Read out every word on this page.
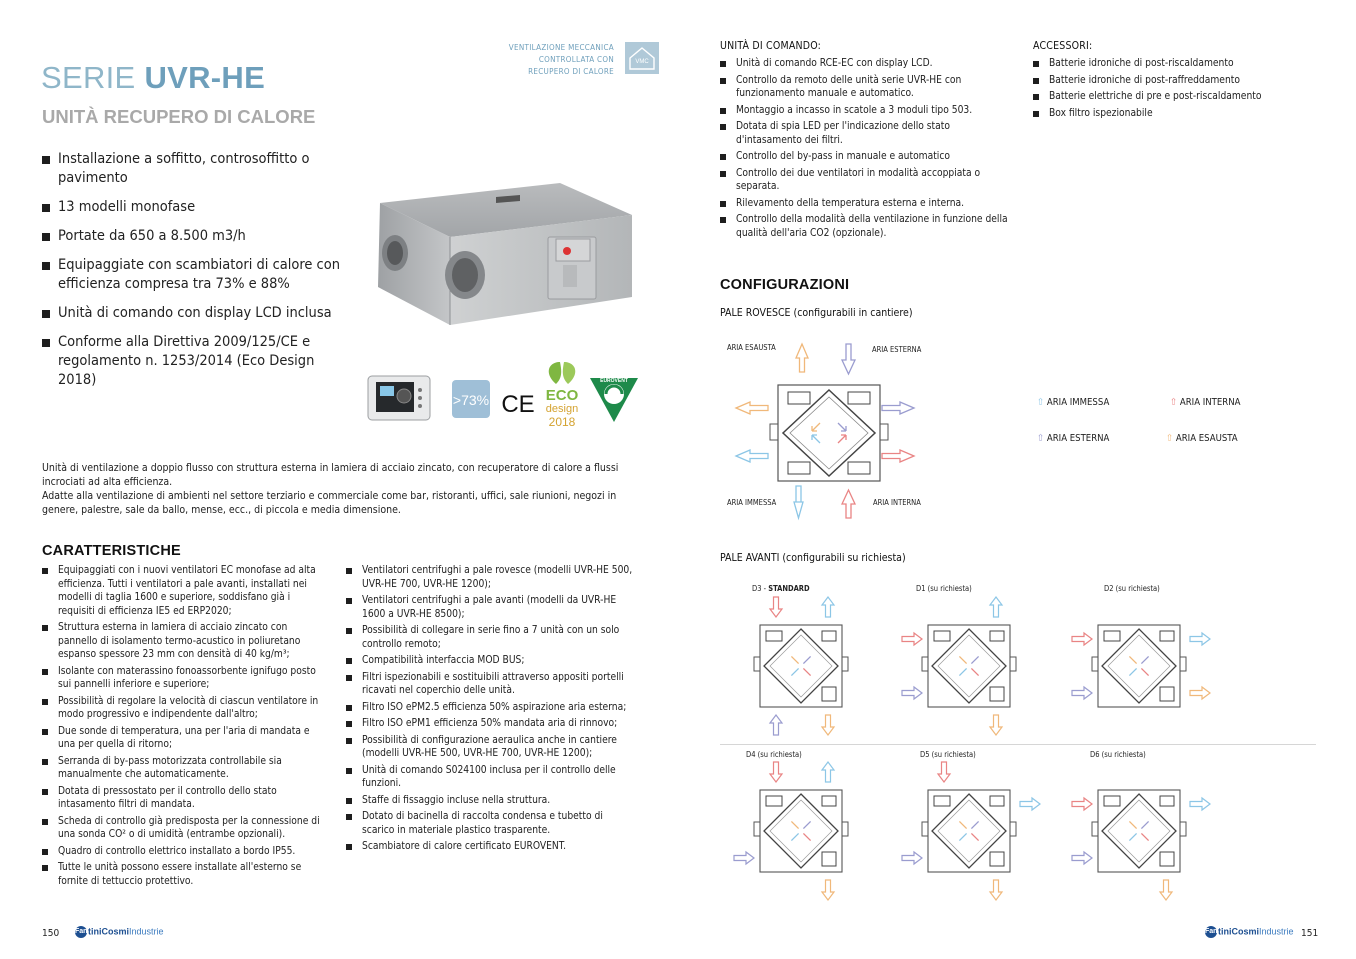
SERIE UVR-HE
UNITÀ RECUPERO DI CALORE
VENTILAZIONE MECCANICA
CONTROLLATA CON
RECUPERO DI CALORE
VMC
Installazione a soffitto, controsoffitto o pavimento
13 modelli monofase
Portate da 650 a 8.500 m3/h
Equipaggiate con scambiatori di calore con efficienza compresa tra 73% e 88%
Unità di comando con display LCD inclusa
Conforme alla Direttiva 2009/125/CE e regolamento n. 1253/2014 (Eco Design 2018)
>73% CE ECO
design
2018
EUROVENT

Unità di ventilazione a doppio flusso con struttura esterna in lamiera di acciaio zincato, con recuperatore di calore a flussi incrociati ad alta efficienza.

Adatte alla ventilazione di ambienti nel settore terziario e commerciale come bar, ristoranti, uffici, sale riunioni, negozi in genere, palestre, sale da ballo, mense, ecc., di piccola e media dimensione.

CARATTERISTICHE
Equipaggiati con i nuovi ventilatori EC monofase ad alta efficienza. Tutti i ventilatori a pale avanti, installati nei modelli di taglia 1600 e superiore, soddisfano già i requisiti di efficienza IE5 ed ERP2020;
Struttura esterna in lamiera di acciaio zincato con pannello di isolamento termo-acustico in poliuretano espanso spessore 23 mm con densità di 40 kg/m³;
Isolante con materassino fonoassorbente ignifugo posto sui pannelli inferiore e superiore;
Possibilità di regolare la velocità di ciascun ventilatore in modo progressivo e indipendente dall'altro;
Due sonde di temperatura, una per l'aria di mandata e una per quella di ritorno;
Serranda di by-pass motorizzata controllabile sia manualmente che automaticamente.
Dotata di pressostato per il controllo dello stato intasamento filtri di mandata.
Scheda di controllo già predisposta per la connessione di una sonda CO² o di umidità (entrambe opzionali).
Quadro di controllo elettrico installato a bordo IP55.
Tutte le unità possono essere installate all'esterno se fornite di tettuccio protettivo.
Ventilatori centrifughi a pale rovesce (modelli UVR-HE 500, UVR-HE 700, UVR-HE 1200);
Ventilatori centrifughi a pale avanti (modelli da UVR-HE 1600 a UVR-HE 8500);
Possibilità di collegare in serie fino a 7 unità con un solo controllo remoto;
Compatibilità interfaccia MOD BUS;
Filtri ispezionabili e sostituibili attraverso appositi portelli ricavati nel coperchio delle unità.
Filtro ISO ePM2.5 efficienza 50% aspirazione aria esterna;
Filtro ISO ePM1 efficienza 50% mandata aria di rinnovo;
Possibilità di configurazione aeraulica anche in cantiere (modelli UVR-HE 500, UVR-HE 700, UVR-HE 1200);
Unità di comando S024100 inclusa per il controllo delle funzioni.
Staffe di fissaggio incluse nella struttura.
Dotato di bacinella di raccolta condensa e tubetto di scarico in materiale plastico trasparente.
Scambiatore di calore certificato EUROVENT.
150 FantiniCosmiIndustrie
UNITÀ DI COMANDO:
Unità di comando RCE-EC con display LCD.
Controllo da remoto delle unità serie UVR-HE con funzionamento manuale e automatico.
Montaggio a incasso in scatole a 3 moduli tipo 503.
Dotata di spia LED per l'indicazione dello stato d'intasamento dei filtri.
Controllo del by-pass in manuale e automatico
Controllo dei due ventilatori in modalità accoppiata o separata.
Rilevamento della temperatura esterna e interna.
Controllo della modalità della ventilazione in funzione della qualità dell'aria CO2 (opzionale).
ACCESSORI:
Batterie idroniche di post-riscaldamento
Batterie idroniche di post-raffreddamento
Batterie elettriche di pre e post-riscaldamento
Box filtro ispezionabile
CONFIGURAZIONI
PALE ROVESCE (configurabili in cantiere)
ARIA ESAUSTA	ARIA ESTERNA
ARIA IMMESSA	ARIA INTERNA
⇧ ARIA IMMESSA	⇧ ARIA INTERNA
⇧ ARIA ESTERNA	⇧ ARIA ESAUSTA
PALE AVANTI (configurabili su richiesta)
D3 - STANDARD	D1 (su richiesta)	D2 (su richiesta)
D4 (su richiesta)	D5 (su richiesta)	D6 (su richiesta)
FantiniCosmiIndustrie 151
